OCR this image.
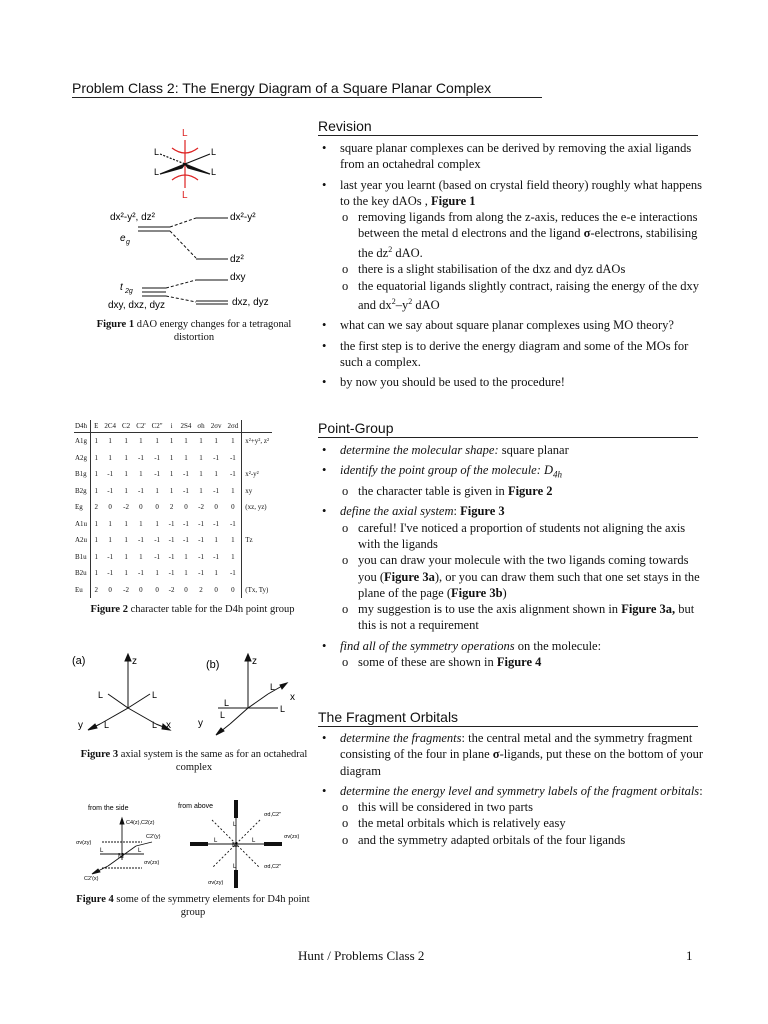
Problem Class 2: The Energy Diagram of a Square Planar Complex
L
L
L	L
L	L
dx²-y², dz²
e g
dx²-y²
dz²
t 2g
dxy, dxz, dyz
dxy
dxz, dyz
Figure 1 dAO energy changes for a tetragonal distortion
D4h	E	2C4	C2	C2'	C2"	i	2S4	σh	2σv	2σd	
A1g	1	1	1	1	1	1	1	1	1	1	x²+y², z²
A2g	1	1	1	-1	-1	1	1	1	-1	-1	
B1g	1	-1	1	1	-1	1	-1	1	1	-1	x²-y²
B2g	1	-1	1	-1	1	1	-1	1	-1	1	xy
Eg	2	0	-2	0	0	2	0	-2	0	0	(xz, yz)
A1u	1	1	1	1	1	-1	-1	-1	-1	-1	
A2u	1	1	1	-1	-1	-1	-1	-1	1	1	Tz
B1u	1	-1	1	1	-1	-1	1	-1	-1	1	
B2u	1	-1	1	-1	1	-1	1	-1	1	-1	
Eu	2	0	-2	0	0	-2	0	2	0	0	(Tx, Ty)
Figure 2 character table for the D4h point group
(a)	(b)
z
x
y
L	L
L	L
z
x
y
L
L
L
L
Figure 3 axial system is the same as for an octahedral complex
from the side	from above
M
C4(z),C2(z)
C2'(y)
σv(zy)
σv(zx)
C2'(x)
L	L
M
σd,C2"
σd,C2"
σv(zy)
σv(zx)
L
L
L	L
Figure 4 some of the symmetry elements for D4h point group
Revision
• square planar complexes can be derived by removing the axial ligands from an octahedral complex
• last year you learnt (based on crystal field theory) roughly what happens to the key dAOs , Figure 1
o removing ligands from along the z-axis, reduces the e-e interactions between the metal d electrons and the ligand σ-electrons, stabilising the $dz^2$ dAO.
o there is a slight stabilisation of the dxz and dyz dAOs
o the equatorial ligands slightly contract, raising the energy of the dxy and $dx^2-y^2$ dAO
• what can we say about square planar complexes using MO theory?
• the first step is to derive the energy diagram and some of the MOs for such a complex.
• by now you should be used to the procedure!
Point-Group
• determine the molecular shape: square planar
• identify the point group of the molecule: $D_{4h}$
o the character table is given in Figure 2
• define the axial system: Figure 3
o careful! I've noticed a proportion of students not aligning the axis with the ligands
o you can draw your molecule with the two ligands coming towards you (Figure 3a), or you can draw them such that one set stays in the plane of the page (Figure 3b)
o my suggestion is to use the axis alignment shown in Figure 3a, but this is not a requirement
• find all of the symmetry operations on the molecule:
o some of these are shown in Figure 4
The Fragment Orbitals
• determine the fragments: the central metal and the symmetry fragment consisting of the four in plane σ-ligands, put these on the bottom of your diagram
• determine the energy level and symmetry labels of the fragment orbitals:
o this will be considered in two parts
o the metal orbitals which is relatively easy
o and the symmetry adapted orbitals of the four ligands
Hunt / Problems Class 2	1
